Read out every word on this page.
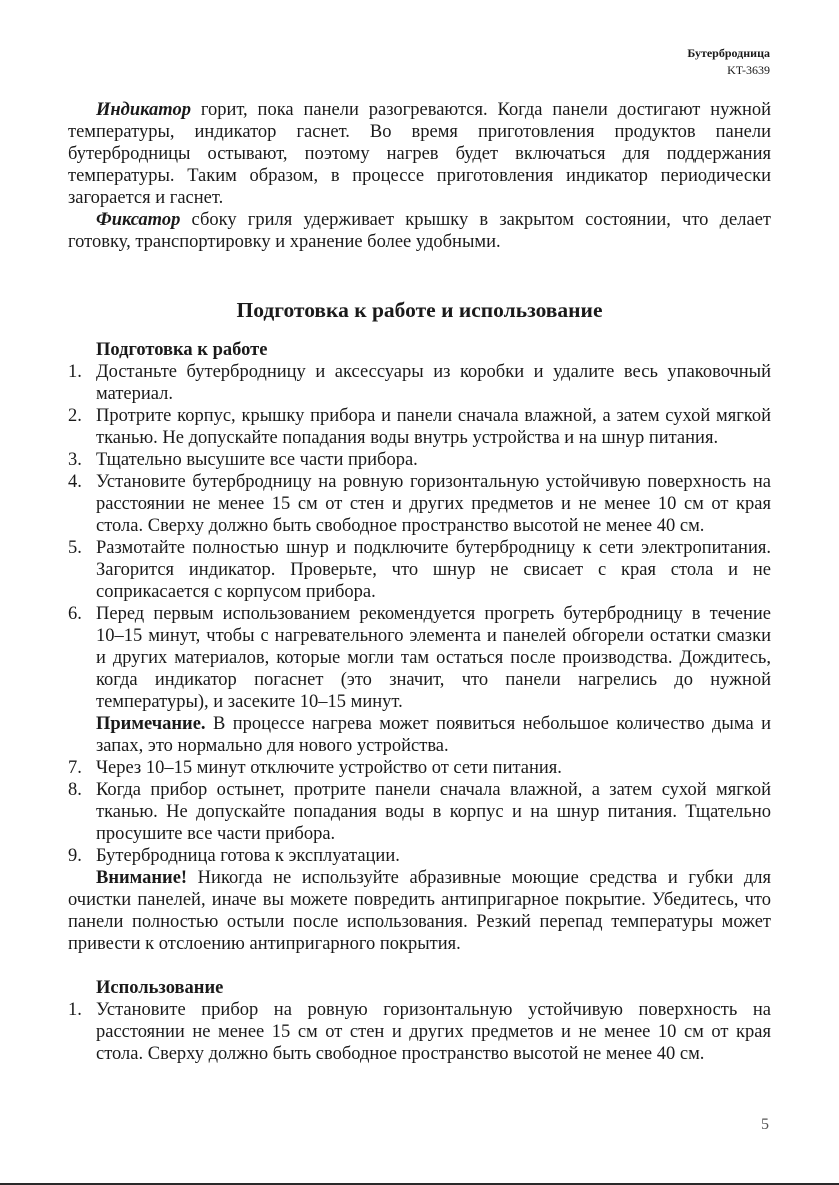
Бутербродница
KT-3639

Индикатор горит, пока панели разогреваются. Когда панели достигают нужной температуры, индикатор гаснет. Во время приготовления продуктов панели бутербродницы остывают, поэтому нагрев будет включаться для поддержания температуры. Таким образом, в процессе приготовления индикатор периодически загорается и гаснет.

Фиксатор сбоку гриля удерживает крышку в закрытом состоянии, что делает готовку, транспортировку и хранение более удобными.

Подготовка к работе и использование
Подготовка к работе
1. Достаньте бутербродницу и аксессуары из коробки и удалите весь упаковочный материал.
2. Протрите корпус, крышку прибора и панели сначала влажной, а затем сухой мягкой тканью. Не допускайте попадания воды внутрь устройства и на шнур питания.
3. Тщательно высушите все части прибора.
4. Установите бутербродницу на ровную горизонтальную устойчивую поверхность на расстоянии не менее 15 см от стен и других предметов и не менее 10 см от края стола. Сверху должно быть свободное пространство высотой не менее 40 см.
5. Размотайте полностью шнур и подключите бутербродницу к сети электропитания. Загорится индикатор. Проверьте, что шнур не свисает с края стола и не соприкасается с корпусом прибора.
6. Перед первым использованием рекомендуется прогреть бутербродницу в течение 10–15 минут, чтобы с нагревательного элемента и панелей обгорели остатки смазки и других материалов, которые могли там остаться после производства. Дождитесь, когда индикатор погаснет (это значит, что панели нагрелись до нужной температуры), и засеките 10–15 минут.
Примечание. В процессе нагрева может появиться небольшое количество дыма и запах, это нормально для нового устройства.
7. Через 10–15 минут отключите устройство от сети питания.
8. Когда прибор остынет, протрите панели сначала влажной, а затем сухой мягкой тканью. Не допускайте попадания воды в корпус и на шнур питания. Тщательно просушите все части прибора.
9. Бутербродница готова к эксплуатации.

Внимание! Никогда не используйте абразивные моющие средства и губки для очистки панелей, иначе вы можете повредить антипригарное покрытие. Убедитесь, что панели полностью остыли после использования. Резкий перепад температуры может привести к отслоению антипригарного покрытия.

Использование
1. Установите прибор на ровную горизонтальную устойчивую поверхность на расстоянии не менее 15 см от стен и других предметов и не менее 10 см от края стола. Сверху должно быть свободное пространство высотой не менее 40 см.
5
